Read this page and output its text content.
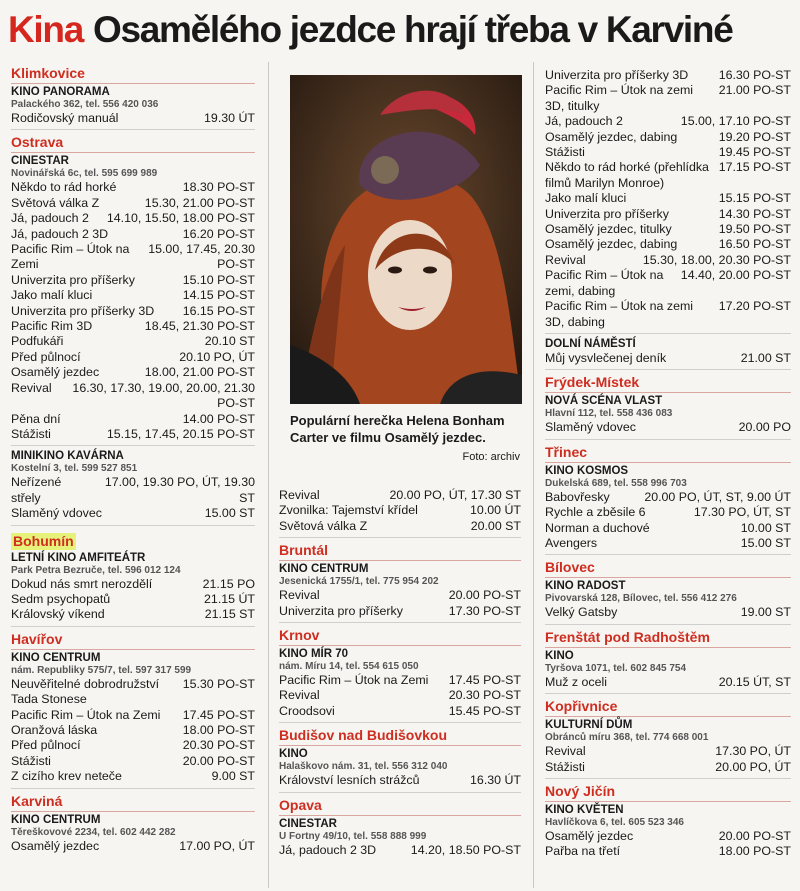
Kina Osamělého jezdce hrají třeba v Karviné
Klimkovice
KINO PANORAMA
Palackého 362, tel. 556 420 036
Rodičovský manuál	19.30 ÚT
Ostrava
CINESTAR
Novinářská 6c, tel. 595 699 989
Někdo to rád horké	18.30 PO-ST
Světová válka Z	15.30, 21.00 PO-ST
Já, padouch 2	14.10, 15.50, 18.00 PO-ST
Já, padouch 2 3D	16.20 PO-ST
Pacific Rim – Útok na Zemi
15.00, 17.45, 20.30 PO-ST
Univerzita pro příšerky	15.10 PO-ST
Jako malí kluci	14.15 PO-ST
Univerzita pro příšerky 3D	16.15 PO-ST
Pacific Rim 3D	18.45, 21.30 PO-ST
Podfukáři	20.10 ST
Před půlnocí	20.10 PO, ÚT
Osamělý jezdec	18.00, 21.00 PO-ST
Revival	16.30, 17.30, 19.00, 20.00, 21.30 PO-ST
Pěna dní	14.00 PO-ST
Stážisti	15.15, 17.45, 20.15 PO-ST
MINIKINO KAVÁRNA
Kostelní 3, tel. 599 527 851
Neřízené střely
17.00, 19.30 PO, ÚT, 19.30 ST
Slaměný vdovec	15.00 ST
Bohumín
LETNÍ KINO AMFITEÁTR
Park Petra Bezruče, tel. 596 012 124
Dokud nás smrt nerozdělí	21.15 PO
Sedm psychopatů	21.15 ÚT
Královský víkend	21.15 ST
Havířov
KINO CENTRUM
nám. Republiky 575/7, tel. 597 317 599
Neuvěřitelné dobrodružství Tada Stonese
15.30 PO-ST
Pacific Rim – Útok na Zemi	17.45 PO-ST
Oranžová láska	18.00 PO-ST
Před půlnocí	20.30 PO-ST
Stážisti	20.00 PO-ST
Z cizího krev neteče	9.00 ST
Karviná
KINO CENTRUM
Těreškovové 2234, tel. 602 442 282
Osamělý jezdec	17.00 PO, ÚT
Revival	20.00 PO, ÚT, 17.30 ST
Zvonilka: Tajemství křídel	10.00 ÚT
Světová válka Z	20.00 ST
Bruntál
KINO CENTRUM
Jesenická 1755/1, tel. 775 954 202
Revival	20.00 PO-ST
Univerzita pro příšerky	17.30 PO-ST
Krnov
KINO MÍR 70
nám. Míru 14, tel. 554 615 050
Pacific Rim – Útok na Zemi	17.45 PO-ST
Revival	20.30 PO-ST
Croodsovi	15.45 PO-ST
Budišov nad Budišovkou
KINO
Halaškovo nám. 31, tel. 556 312 040
Království lesních strážců	16.30 ÚT
Opava
CINESTAR
U Fortny 49/10, tel. 558 888 999
Já, padouch 2 3D	14.20, 18.50 PO-ST
Univerzita pro příšerky 3D	16.30 PO-ST
Pacific Rim – Útok na zemi 3D, titulky
21.00 PO-ST
Já, padouch 2	15.00, 17.10 PO-ST
Osamělý jezdec, dabing	19.20 PO-ST
Stážisti	19.45 PO-ST
Někdo to rád horké (přehlídka filmů Marilyn Monroe)
17.15 PO-ST
Jako malí kluci	15.15 PO-ST
Univerzita pro příšerky	14.30 PO-ST
Osamělý jezdec, titulky	19.50 PO-ST
Osamělý jezdec, dabing	16.50 PO-ST
Revival	15.30, 18.00, 20.30 PO-ST
Pacific Rim – Útok na zemi, dabing
14.40, 20.00 PO-ST
Pacific Rim – Útok na zemi 3D, dabing
17.20 PO-ST
DOLNÍ NÁMĚSTÍ
Můj vysvlečenej deník	21.00 ST
Frýdek-Místek
NOVÁ SCÉNA VLAST
Hlavní 112, tel. 558 436 083
Slaměný vdovec	20.00 PO
Třinec
KINO KOSMOS
Dukelská 689, tel. 558 996 703
Babovřesky	20.00 PO, ÚT, ST, 9.00 ÚT
Rychle a zběsile 6	17.30 PO, ÚT, ST
Norman a duchové	10.00 ST
Avengers	15.00 ST
Bílovec
KINO RADOST
Pivovarská 128, Bílovec, tel. 556 412 276
Velký Gatsby	19.00 ST
Frenštát pod Radhoštěm
KINO
Tyršova 1071, tel. 602 845 754
Muž z oceli	20.15 ÚT, ST
Kopřivnice
KULTURNÍ DŮM
Obránců míru 368, tel. 774 668 001
Revival	17.30 PO, ÚT
Stážisti	20.00 PO, ÚT
Nový Jičín
KINO KVĚTEN
Havlíčkova 6, tel. 605 523 346
Osamělý jezdec	20.00 PO-ST
Pařba na třetí	18.00 PO-ST
Populární herečka Helena Bonham Carter ve filmu Osamělý jezdec.
Foto: archiv
